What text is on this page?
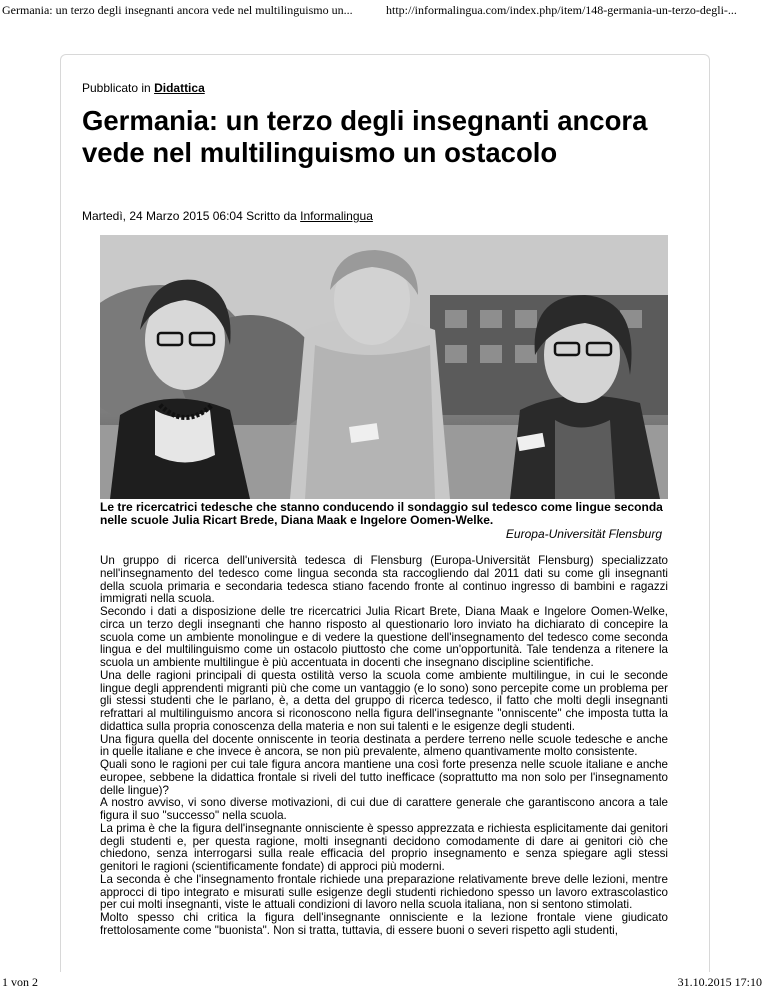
Germania: un terzo degli insegnanti ancora vede nel multilinguismo un...	http://informalingua.com/index.php/item/148-germania-un-terzo-degli-...
Pubblicato in Didattica
Germania: un terzo degli insegnanti ancora vede nel multilinguismo un ostacolo
Martedì, 24 Marzo 2015 06:04 Scritto da Informalingua
Le tre ricercatrici tedesche che stanno conducendo il sondaggio sul tedesco come lingue seconda nelle scuole Julia Ricart Brede, Diana Maak e Ingelore Oomen-Welke.
Europa-Universität Flensburg

Un gruppo di ricerca dell'università tedesca di Flensburg (Europa-Universität Flensburg) specializzato nell'insegnamento del tedesco come lingua seconda sta raccogliendo dal 2011 dati su come gli insegnanti della scuola primaria e secondaria tedesca stiano facendo fronte al continuo ingresso di bambini e ragazzi immigrati nella scuola.

Secondo i dati a disposizione delle tre ricercatrici Julia Ricart Brete, Diana Maak e Ingelore Oomen-Welke, circa un terzo degli insegnanti che hanno risposto al questionario loro inviato ha dichiarato di concepire la scuola come un ambiente monolingue e di vedere la questione dell'insegnamento del tedesco come seconda lingua e del multilinguismo come un ostacolo piuttosto che come un'opportunità. Tale tendenza a ritenere la scuola un ambiente multilingue è più accentuata in docenti che insegnano discipline scientifiche.

Una delle ragioni principali di questa ostilità verso la scuola come ambiente multilingue, in cui le seconde lingue degli apprendenti migranti più che come un vantaggio (e lo sono) sono percepite come un problema per gli stessi studenti che le parlano, è, a detta del gruppo di ricerca tedesco, il fatto che molti degli insegnanti refrattari al multilinguismo ancora si riconoscono nella figura dell'insegnante "onniscente" che imposta tutta la didattica sulla propria conoscenza della materia e non sui talenti e le esigenze degli studenti.

Una figura quella del docente onniscente in teoria destinata a perdere terreno nelle scuole tedesche e anche in quelle italiane e che invece è ancora, se non più prevalente, almeno quantivamente molto consistente.

Quali sono le ragioni per cui tale figura ancora mantiene una così forte presenza nelle scuole italiane e anche europee, sebbene la didattica frontale si riveli del tutto inefficace (soprattutto ma non solo per l'insegnamento delle lingue)?

A nostro avviso, vi sono diverse motivazioni, di cui due di carattere generale che garantiscono ancora a tale figura il suo "successo" nella scuola.

La prima è che la figura dell'insegnante onnisciente è spesso apprezzata e richiesta esplicitamente dai genitori degli studenti e, per questa ragione, molti insegnanti decidono comodamente di dare ai genitori ciò che chiedono, senza interrogarsi sulla reale efficacia del proprio insegnamento e senza spiegare agli stessi genitori le ragioni (scientificamente fondate) di approci più moderni.

La seconda è che l'insegnamento frontale richiede una preparazione relativamente breve delle lezioni, mentre approcci di tipo integrato e misurati sulle esigenze degli studenti richiedono spesso un lavoro extrascolastico per cui molti insegnanti, viste le attuali condizioni di lavoro nella scuola italiana, non si sentono stimolati.

Molto spesso chi critica la figura dell'insegnante onnisciente e la lezione frontale viene giudicato frettolosamente come "buonista". Non si tratta, tuttavia, di essere buoni o severi rispetto agli studenti,

1 von 2	31.10.2015 17:10
